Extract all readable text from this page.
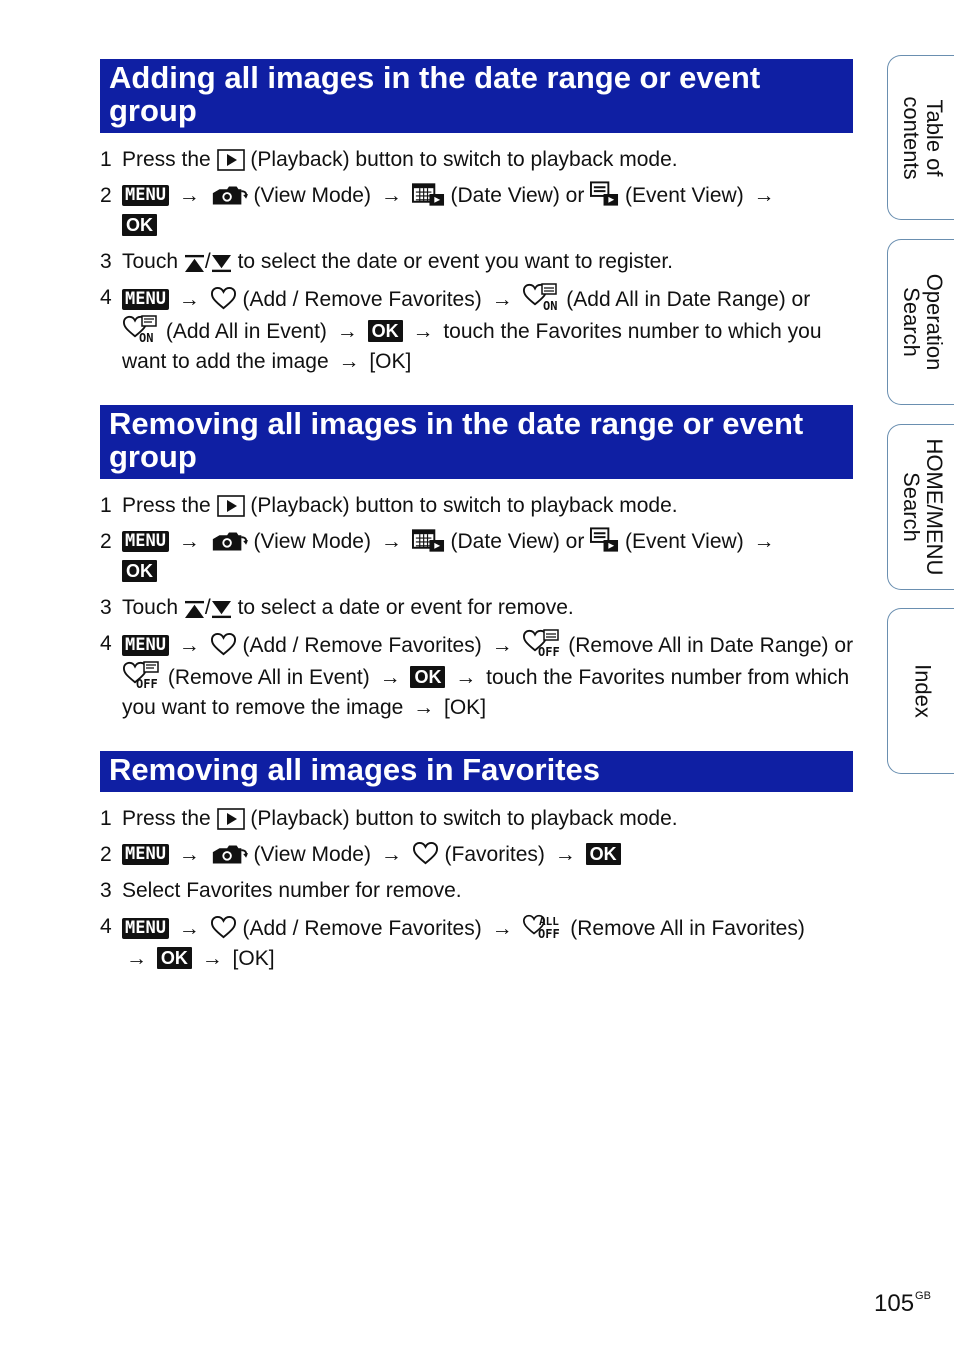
Adding all images in the date range or event group
1 Press the (Playback) button to switch to playback mode.
2 MENU →	(View Mode) → (Date View) or (Event View) →
OK
3 Touch / to select the date or event you want to register.
4 MENU → (Add / Remove Favorites) →	ON (Add All in Date Range) or

ON (Add All in Event) → OK → touch the Favorites number to which you want to add the image → [OK]
Removing all images in the date range or event group
1 Press the (Playback) button to switch to playback mode.
2 MENU →	(View Mode) → (Date View) or (Event View) →
OK
3 Touch / to select a date or event for remove.
4 MENU → (Add / Remove Favorites) → OFF (Remove All in Date Range) or
OFF (Remove All in Event) → OK → touch the Favorites number from which you want to remove the image → [OK]
Removing all images in Favorites
1 Press the (Playback) button to switch to playback mode.
2 MENU →	(View Mode) → (Favorites) → OK
3 Select Favorites number for remove.
4 MENU → (Add / Remove Favorites) → ALL
OFF (Remove All in Favorites)
→ OK → [OK]
Table of
contents
Operation
Search
HOME/MENU
Search
Index
$105^{GB}$
